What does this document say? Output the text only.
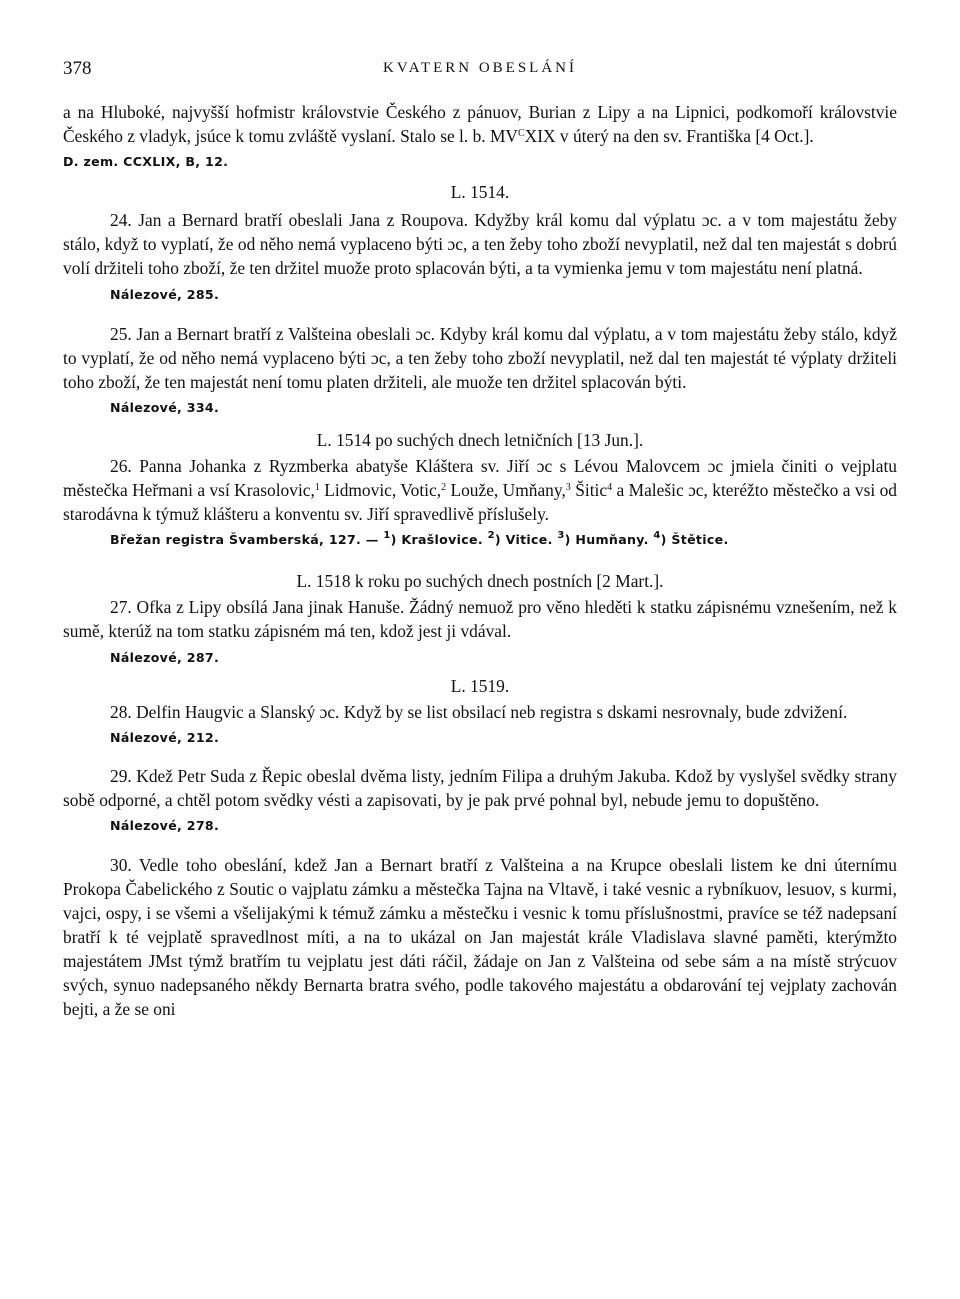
378	KVATERN OBESLÁNÍ

a na Hluboké, najvyšší hofmistr královstvie Českého z pánuov, Burian z Lipy a na Lipnici, podkomoří královstvie Českého z vladyk, jsúce k tomu zvláště vyslaní. Stalo se l. b. $MV^CXIX$ v úterý na den sv. Františka [4 Oct.].

D. zem. CCXLIX, B, 12.

L. 1514.

24. Jan a Bernard bratří obeslali Jana z Roupova. Kdyžby král komu dal výplatu ɔc. a v tom majestátu žeby stálo, když to vyplatí, že od něho nemá vyplaceno býti ɔc, a ten žeby toho zboží nevyplatil, než dal ten majestát s dobrú volí držiteli toho zboží, že ten držitel muože proto splacován býti, a ta vymienka jemu v tom majestátu není platná.

Nálezové, 285.

25. Jan a Bernart bratří z Valšteina obeslali ɔc. Kdyby král komu dal výplatu, a v tom majestátu žeby stálo, když to vyplatí, že od něho nemá vyplaceno býti ɔc, a ten žeby toho zboží nevyplatil, než dal ten majestát té výplaty držiteli toho zboží, že ten majestát není tomu platen držiteli, ale muože ten držitel splacován býti.

Nálezové, 334.

L. 1514 po suchých dnech letničních [13 Jun.].

26. Panna Johanka z Ryzmberka abatyše Kláštera sv. Jiří ɔc s Lévou Malovcem ɔc jmiela činiti o vejplatu městečka Heřmani a vsí Krasolovic,$^1$ Lidmovic, Votic,$^2$ Louže, Umňany,$^3$ Šitic$^4$ a Malešic ɔc, kteréžto městečko a vsi od starodávna k týmuž klášteru a konventu sv. Jiří spravedlivě příslušely.

Břežan registra Švamberská, 127. — $^1$) Krašlovice. $^2$) Vitice. $^3$) Humňany. $^4$) Štětice.

L. 1518 k roku po suchých dnech postních [2 Mart.].

27. Ofka z Lipy obsílá Jana jinak Hanuše. Žádný nemuož pro věno hleděti k statku zápisnému vznešením, než k sumě, kterúž na tom statku zápisném má ten, kdož jest ji vdával.

Nálezové, 287.

L. 1519.

28. Delfin Haugvic a Slanský ɔc. Když by se list obsilací neb registra s dskami nesrovnaly, bude zdvižení.

Nálezové, 212.

29. Kdež Petr Suda z Řepic obeslal dvěma listy, jedním Filipa a druhým Jakuba. Kdož by vyslyšel svědky strany sobě odporné, a chtěl potom svědky vésti a zapisovati, by je pak prvé pohnal byl, nebude jemu to dopuštěno.

Nálezové, 278.

30. Vedle toho obeslání, kdež Jan a Bernart bratří z Valšteina a na Krupce obeslali listem ke dni úternímu Prokopa Čabelického z Soutic o vajplatu zámku a městečka Tajna na Vltavě, i také vesnic a rybníkuov, lesuov, s kurmi, vajci, ospy, i se všemi a všelijakými k témuž zámku a městečku i vesnic k tomu příslušnostmi, pravíce se též nadepsaní bratří k té vejplatě spravedlnost míti, a na to ukázal on Jan majestát krále Vladislava slavné paměti, kterýmžto majestátem JMst týmž bratřím tu vejplatu jest dáti ráčil, žádaje on Jan z Valšteina od sebe sám a na místě strýcuov svých, synuo nadepsaného někdy Bernarta bratra svého, podle takového majestátu a obdarování tej vejplaty zachován bejti, a že se oni
